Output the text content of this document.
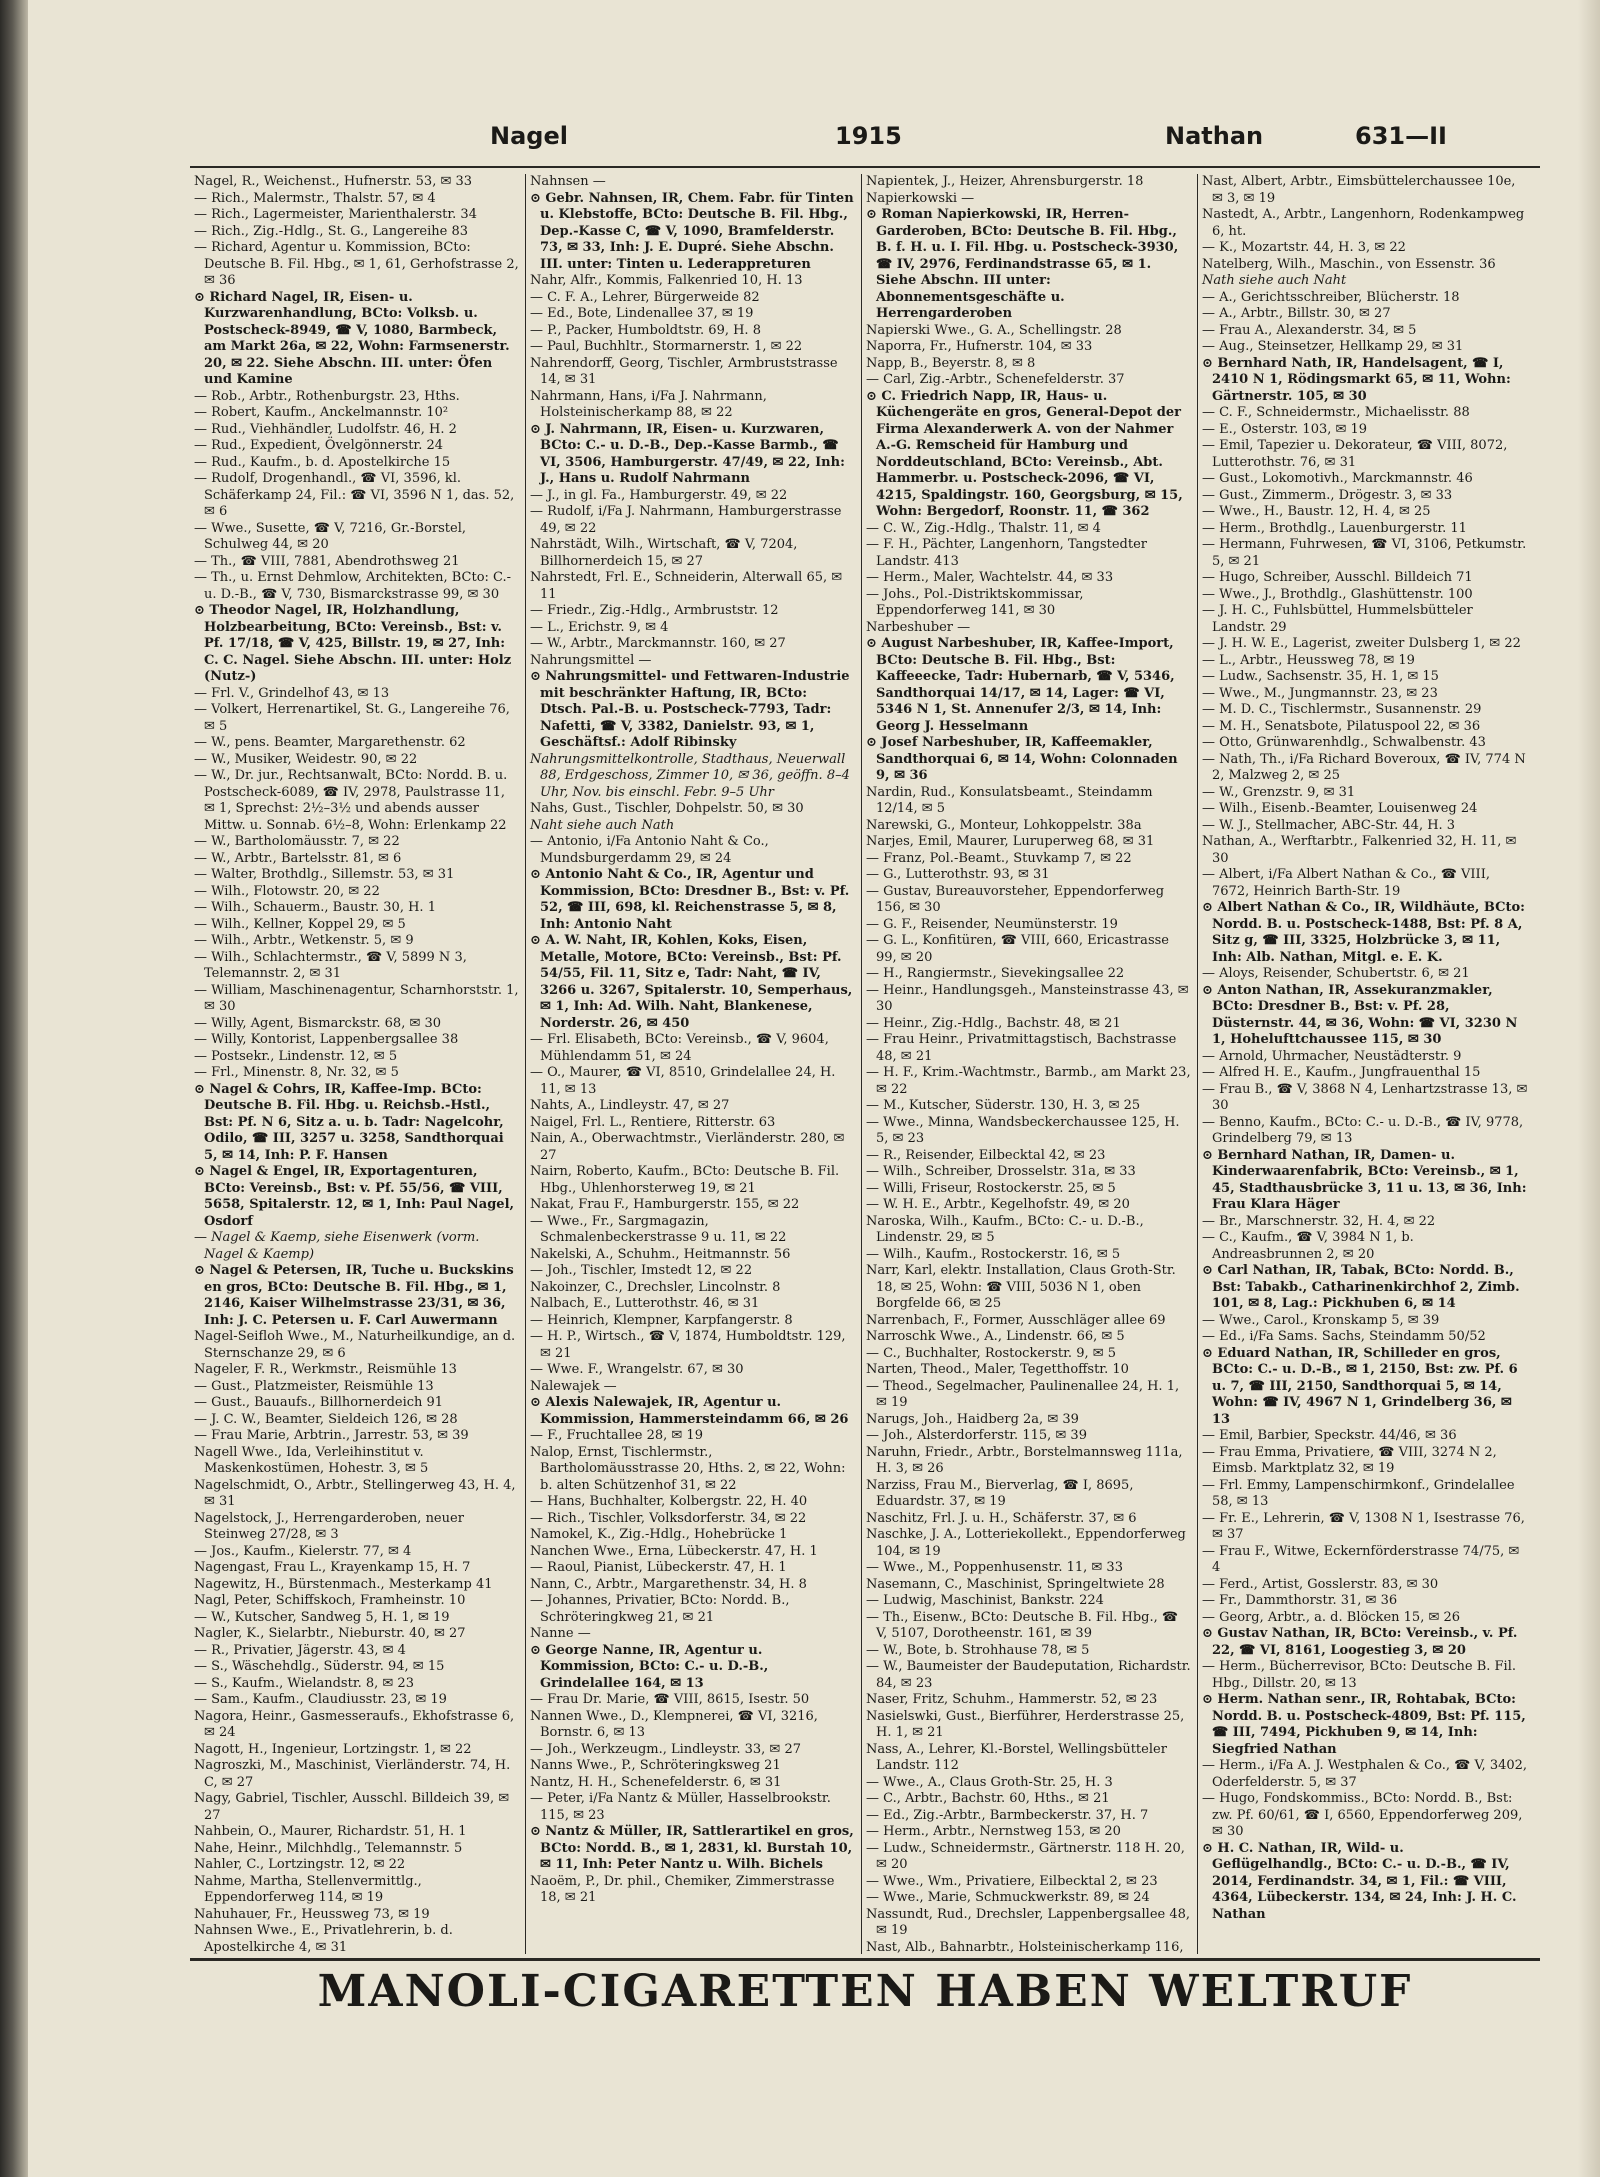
Nagel	1915	Nathan	631—II

Nagel, R., Weichenst., Hufnerstr. 53, ✉ 33

— Rich., Malermstr., Thalstr. 57, ✉ 4

— Rich., Lagermeister, Marienthalerstr. 34

— Rich., Zig.-Hdlg., St. G., Langereihe 83

— Richard, Agentur u. Kommission, BCto: Deutsche B. Fil. Hbg., ✉ 1, 61, Gerhofstrasse 2, ✉ 36

⊙ Richard Nagel, IR, Eisen- u. Kurzwarenhandlung, BCto: Volksb. u. Postscheck-8949, ☎ V, 1080, Barmbeck, am Markt 26a, ✉ 22, Wohn: Farmsenerstr. 20, ✉ 22. Siehe Abschn. III. unter: Öfen und Kamine

— Rob., Arbtr., Rothenburgstr. 23, Hths.

— Robert, Kaufm., Anckelmannstr. 10²

— Rud., Viehhändler, Ludolfstr. 46, H. 2

— Rud., Expedient, Övelgönnerstr. 24

— Rud., Kaufm., b. d. Apostelkirche 15

— Rudolf, Drogenhandl., ☎ VI, 3596, kl. Schäferkamp 24, Fil.: ☎ VI, 3596 N 1, das. 52, ✉ 6

— Wwe., Susette, ☎ V, 7216, Gr.-Borstel, Schulweg 44, ✉ 20

— Th., ☎ VIII, 7881, Abendrothsweg 21

— Th., u. Ernst Dehmlow, Architekten, BCto: C.- u. D.-B., ☎ V, 730, Bismarckstrasse 99, ✉ 30

⊙ Theodor Nagel, IR, Holzhandlung, Holzbearbeitung, BCto: Vereinsb., Bst: v. Pf. 17/18, ☎ V, 425, Billstr. 19, ✉ 27, Inh: C. C. Nagel. Siehe Abschn. III. unter: Holz (Nutz-)

— Frl. V., Grindelhof 43, ✉ 13

— Volkert, Herrenartikel, St. G., Langereihe 76, ✉ 5

— W., pens. Beamter, Margarethenstr. 62

— W., Musiker, Weidestr. 90, ✉ 22

— W., Dr. jur., Rechtsanwalt, BCto: Nordd. B. u. Postscheck-6089, ☎ IV, 2978, Paulstrasse 11, ✉ 1, Sprechst: 2½–3½ und abends ausser Mittw. u. Sonnab. 6½–8, Wohn: Erlenkamp 22

— W., Bartholomäusstr. 7, ✉ 22

— W., Arbtr., Bartelsstr. 81, ✉ 6

— Walter, Brothdlg., Sillemstr. 53, ✉ 31

— Wilh., Flotowstr. 20, ✉ 22

— Wilh., Schauerm., Baustr. 30, H. 1

— Wilh., Kellner, Koppel 29, ✉ 5

— Wilh., Arbtr., Wetkenstr. 5, ✉ 9

— Wilh., Schlachtermstr., ☎ V, 5899 N 3, Telemannstr. 2, ✉ 31

— William, Maschinenagentur, Scharnhorststr. 1, ✉ 30

— Willy, Agent, Bismarckstr. 68, ✉ 30

— Willy, Kontorist, Lappenbergsallee 38

— Postsekr., Lindenstr. 12, ✉ 5

— Frl., Minenstr. 8, Nr. 32, ✉ 5

⊙ Nagel & Cohrs, IR, Kaffee-Imp. BCto: Deutsche B. Fil. Hbg. u. Reichsb.-Hstl., Bst: Pf. N 6, Sitz a. u. b. Tadr: Nagelcohr, Odilo, ☎ III, 3257 u. 3258, Sandthorquai 5, ✉ 14, Inh: P. F. Hansen

⊙ Nagel & Engel, IR, Exportagenturen, BCto: Vereinsb., Bst: v. Pf. 55/56, ☎ VIII, 5658, Spitalerstr. 12, ✉ 1, Inh: Paul Nagel, Osdorf

— Nagel & Kaemp, siehe Eisenwerk (vorm. Nagel & Kaemp)

⊙ Nagel & Petersen, IR, Tuche u. Buckskins en gros, BCto: Deutsche B. Fil. Hbg., ✉ 1, 2146, Kaiser Wilhelmstrasse 23/31, ✉ 36, Inh: J. C. Petersen u. F. Carl Auwermann

Nagel-Seifloh Wwe., M., Naturheilkundige, an d. Sternschanze 29, ✉ 6

Nageler, F. R., Werkmstr., Reismühle 13

— Gust., Platzmeister, Reismühle 13

— Gust., Bauaufs., Billhornerdeich 91

— J. C. W., Beamter, Sieldeich 126, ✉ 28

— Frau Marie, Arbtrin., Jarrestr. 53, ✉ 39

Nagell Wwe., Ida, Verleihinstitut v. Maskenkostümen, Hohestr. 3, ✉ 5

Nagelschmidt, O., Arbtr., Stellingerweg 43, H. 4, ✉ 31

Nagelstock, J., Herrengarderoben, neuer Steinweg 27/28, ✉ 3

— Jos., Kaufm., Kielerstr. 77, ✉ 4

Nagengast, Frau L., Krayenkamp 15, H. 7

Nagewitz, H., Bürstenmach., Mesterkamp 41

Nagl, Peter, Schiffskoch, Framheinstr. 10

— W., Kutscher, Sandweg 5, H. 1, ✉ 19

Nagler, K., Sielarbtr., Nieburstr. 40, ✉ 27

— R., Privatier, Jägerstr. 43, ✉ 4

— S., Wäschehdlg., Süderstr. 94, ✉ 15

— S., Kaufm., Wielandstr. 8, ✉ 23

— Sam., Kaufm., Claudiusstr. 23, ✉ 19

Nagora, Heinr., Gasmesseraufs., Ekhofstrasse 6, ✉ 24

Nagott, H., Ingenieur, Lortzingstr. 1, ✉ 22

Nagroszki, M., Maschinist, Vierländerstr. 74, H. C, ✉ 27

Nagy, Gabriel, Tischler, Ausschl. Billdeich 39, ✉ 27

Nahbein, O., Maurer, Richardstr. 51, H. 1

Nahe, Heinr., Milchhdlg., Telemannstr. 5

Nahler, C., Lortzingstr. 12, ✉ 22

Nahme, Martha, Stellenvermittlg., Eppendorferweg 114, ✉ 19

Nahuhauer, Fr., Heussweg 73, ✉ 19

Nahnsen Wwe., E., Privatlehrerin, b. d. Apostelkirche 4, ✉ 31

Nahnsen —

⊙ Gebr. Nahnsen, IR, Chem. Fabr. für Tinten u. Klebstoffe, BCto: Deutsche B. Fil. Hbg., Dep.-Kasse C, ☎ V, 1090, Bramfelderstr. 73, ✉ 33, Inh: J. E. Dupré. Siehe Abschn. III. unter: Tinten u. Lederappreturen

Nahr, Alfr., Kommis, Falkenried 10, H. 13

— C. F. A., Lehrer, Bürgerweide 82

— Ed., Bote, Lindenallee 37, ✉ 19

— P., Packer, Humboldtstr. 69, H. 8

— Paul, Buchhltr., Stormarnerstr. 1, ✉ 22

Nahrendorff, Georg, Tischler, Armbruststrasse 14, ✉ 31

Nahrmann, Hans, i/Fa J. Nahrmann, Holsteinischerkamp 88, ✉ 22

⊙ J. Nahrmann, IR, Eisen- u. Kurzwaren, BCto: C.- u. D.-B., Dep.-Kasse Barmb., ☎ VI, 3506, Hamburgerstr. 47/49, ✉ 22, Inh: J., Hans u. Rudolf Nahrmann

— J., in gl. Fa., Hamburgerstr. 49, ✉ 22

— Rudolf, i/Fa J. Nahrmann, Hamburgerstrasse 49, ✉ 22

Nahrstädt, Wilh., Wirtschaft, ☎ V, 7204, Billhornerdeich 15, ✉ 27

Nahrstedt, Frl. E., Schneiderin, Alterwall 65, ✉ 11

— Friedr., Zig.-Hdlg., Armbruststr. 12

— L., Erichstr. 9, ✉ 4

— W., Arbtr., Marckmannstr. 160, ✉ 27

Nahrungsmittel —

⊙ Nahrungsmittel- und Fettwaren-Industrie mit beschränkter Haftung, IR, BCto: Dtsch. Pal.-B. u. Postscheck-7793, Tadr: Nafetti, ☎ V, 3382, Danielstr. 93, ✉ 1, Geschäftsf.: Adolf Ribinsky

Nahrungsmittelkontrolle, Stadthaus, Neuerwall 88, Erdgeschoss, Zimmer 10, ✉ 36, geöffn. 8–4 Uhr, Nov. bis einschl. Febr. 9–5 Uhr

Nahs, Gust., Tischler, Dohpelstr. 50, ✉ 30

Naht siehe auch Nath

— Antonio, i/Fa Antonio Naht & Co., Mundsburgerdamm 29, ✉ 24

⊙ Antonio Naht & Co., IR, Agentur und Kommission, BCto: Dresdner B., Bst: v. Pf. 52, ☎ III, 698, kl. Reichenstrasse 5, ✉ 8, Inh: Antonio Naht

⊙ A. W. Naht, IR, Kohlen, Koks, Eisen, Metalle, Motore, BCto: Vereinsb., Bst: Pf. 54/55, Fil. 11, Sitz e, Tadr: Naht, ☎ IV, 3266 u. 3267, Spitalerstr. 10, Semperhaus, ✉ 1, Inh: Ad. Wilh. Naht, Blankenese, Norderstr. 26, ✉ 450

— Frl. Elisabeth, BCto: Vereinsb., ☎ V, 9604, Mühlendamm 51, ✉ 24

— O., Maurer, ☎ VI, 8510, Grindelallee 24, H. 11, ✉ 13

Nahts, A., Lindleystr. 47, ✉ 27

Naigel, Frl. L., Rentiere, Ritterstr. 63

Nain, A., Oberwachtmstr., Vierländerstr. 280, ✉ 27

Nairn, Roberto, Kaufm., BCto: Deutsche B. Fil. Hbg., Uhlenhorsterweg 19, ✉ 21

Nakat, Frau F., Hamburgerstr. 155, ✉ 22

— Wwe., Fr., Sargmagazin, Schmalenbeckerstrasse 9 u. 11, ✉ 22

Nakelski, A., Schuhm., Heitmannstr. 56

— Joh., Tischler, Imstedt 12, ✉ 22

Nakoinzer, C., Drechsler, Lincolnstr. 8

Nalbach, E., Lutterothstr. 46, ✉ 31

— Heinrich, Klempner, Karpfangerstr. 8

— H. P., Wirtsch., ☎ V, 1874, Humboldtstr. 129, ✉ 21

— Wwe. F., Wrangelstr. 67, ✉ 30

Nalewajek —

⊙ Alexis Nalewajek, IR, Agentur u. Kommission, Hammersteindamm 66, ✉ 26

— F., Fruchtallee 28, ✉ 19

Nalop, Ernst, Tischlermstr., Bartholomäusstrasse 20, Hths. 2, ✉ 22, Wohn: b. alten Schützenhof 31, ✉ 22

— Hans, Buchhalter, Kolbergstr. 22, H. 40

— Rich., Tischler, Volksdorferstr. 34, ✉ 22

Namokel, K., Zig.-Hdlg., Hohebrücke 1

Nanchen Wwe., Erna, Lübeckerstr. 47, H. 1

— Raoul, Pianist, Lübeckerstr. 47, H. 1

Nann, C., Arbtr., Margarethenstr. 34, H. 8

— Johannes, Privatier, BCto: Nordd. B., Schröteringkweg 21, ✉ 21

Nanne —

⊙ George Nanne, IR, Agentur u. Kommission, BCto: C.- u. D.-B., Grindelallee 164, ✉ 13

— Frau Dr. Marie, ☎ VIII, 8615, Isestr. 50

Nannen Wwe., D., Klempnerei, ☎ VI, 3216, Bornstr. 6, ✉ 13

— Joh., Werkzeugm., Lindleystr. 33, ✉ 27

Nanns Wwe., P., Schröteringksweg 21

Nantz, H. H., Schenefelderstr. 6, ✉ 31

— Peter, i/Fa Nantz & Müller, Hasselbrookstr. 115, ✉ 23

⊙ Nantz & Müller, IR, Sattlerartikel en gros, BCto: Nordd. B., ✉ 1, 2831, kl. Burstah 10, ✉ 11, Inh: Peter Nantz u. Wilh. Bichels

Naoëm, P., Dr. phil., Chemiker, Zimmerstrasse 18, ✉ 21

Napientek, J., Heizer, Ahrensburgerstr. 18

Napierkowski —

⊙ Roman Napierkowski, IR, Herren-Garderoben, BCto: Deutsche B. Fil. Hbg., B. f. H. u. I. Fil. Hbg. u. Postscheck-3930, ☎ IV, 2976, Ferdinandstrasse 65, ✉ 1. Siehe Abschn. III unter: Abonnementsgeschäfte u. Herrengarderoben

Napierski Wwe., G. A., Schellingstr. 28

Naporra, Fr., Hufnerstr. 104, ✉ 33

Napp, B., Beyerstr. 8, ✉ 8

— Carl, Zig.-Arbtr., Schenefelderstr. 37

⊙ C. Friedrich Napp, IR, Haus- u. Küchengeräte en gros, General-Depot der Firma Alexanderwerk A. von der Nahmer A.-G. Remscheid für Hamburg und Norddeutschland, BCto: Vereinsb., Abt. Hammerbr. u. Postscheck-2096, ☎ VI, 4215, Spaldingstr. 160, Georgsburg, ✉ 15, Wohn: Bergedorf, Roonstr. 11, ☎ 362

— C. W., Zig.-Hdlg., Thalstr. 11, ✉ 4

— F. H., Pächter, Langenhorn, Tangstedter Landstr. 413

— Herm., Maler, Wachtelstr. 44, ✉ 33

— Johs., Pol.-Distriktskommissar, Eppendorferweg 141, ✉ 30

Narbeshuber —

⊙ August Narbeshuber, IR, Kaffee-Import, BCto: Deutsche B. Fil. Hbg., Bst: Kaffeeecke, Tadr: Hubernarb, ☎ V, 5346, Sandthorquai 14/17, ✉ 14, Lager: ☎ VI, 5346 N 1, St. Annenufer 2/3, ✉ 14, Inh: Georg J. Hesselmann

⊙ Josef Narbeshuber, IR, Kaffeemakler, Sandthorquai 6, ✉ 14, Wohn: Colonnaden 9, ✉ 36

Nardin, Rud., Konsulatsbeamt., Steindamm 12/14, ✉ 5

Narewski, G., Monteur, Lohkoppelstr. 38a

Narjes, Emil, Maurer, Luruperweg 68, ✉ 31

— Franz, Pol.-Beamt., Stuvkamp 7, ✉ 22

— G., Lutterothstr. 93, ✉ 31

— Gustav, Bureauvorsteher, Eppendorferweg 156, ✉ 30

— G. F., Reisender, Neumünsterstr. 19

— G. L., Konfitüren, ☎ VIII, 660, Ericastrasse 99, ✉ 20

— H., Rangiermstr., Sievekingsallee 22

— Heinr., Handlungsgeh., Mansteinstrasse 43, ✉ 30

— Heinr., Zig.-Hdlg., Bachstr. 48, ✉ 21

— Frau Heinr., Privatmittagstisch, Bachstrasse 48, ✉ 21

— H. F., Krim.-Wachtmstr., Barmb., am Markt 23, ✉ 22

— M., Kutscher, Süderstr. 130, H. 3, ✉ 25

— Wwe., Minna, Wandsbeckerchaussee 125, H. 5, ✉ 23

— R., Reisender, Eilbecktal 42, ✉ 23

— Wilh., Schreiber, Drosselstr. 31a, ✉ 33

— Willi, Friseur, Rostockerstr. 25, ✉ 5

— W. H. E., Arbtr., Kegelhofstr. 49, ✉ 20

Naroska, Wilh., Kaufm., BCto: C.- u. D.-B., Lindenstr. 29, ✉ 5

— Wilh., Kaufm., Rostockerstr. 16, ✉ 5

Narr, Karl, elektr. Installation, Claus Groth-Str. 18, ✉ 25, Wohn: ☎ VIII, 5036 N 1, oben Borgfelde 66, ✉ 25

Narrenbach, F., Former, Ausschläger allee 69

Narroschk Wwe., A., Lindenstr. 66, ✉ 5

— C., Buchhalter, Rostockerstr. 9, ✉ 5

Narten, Theod., Maler, Tegetthoffstr. 10

— Theod., Segelmacher, Paulinenallee 24, H. 1, ✉ 19

Narugs, Joh., Haidberg 2a, ✉ 39

— Joh., Alsterdorferstr. 115, ✉ 39

Naruhn, Friedr., Arbtr., Borstelmannsweg 111a, H. 3, ✉ 26

Narziss, Frau M., Bierverlag, ☎ I, 8695, Eduardstr. 37, ✉ 19

Naschitz, Frl. J. u. H., Schäferstr. 37, ✉ 6

Naschke, J. A., Lotteriekollekt., Eppendorferweg 104, ✉ 19

— Wwe., M., Poppenhusenstr. 11, ✉ 33

Nasemann, C., Maschinist, Springeltwiete 28

— Ludwig, Maschinist, Bankstr. 224

— Th., Eisenw., BCto: Deutsche B. Fil. Hbg., ☎ V, 5107, Dorotheenstr. 161, ✉ 39

— W., Bote, b. Strohhause 78, ✉ 5

— W., Baumeister der Baudeputation, Richardstr. 84, ✉ 23

Naser, Fritz, Schuhm., Hammerstr. 52, ✉ 23

Nasielswki, Gust., Bierführer, Herderstrasse 25, H. 1, ✉ 21

Nass, A., Lehrer, Kl.-Borstel, Wellingsbütteler Landstr. 112

— Wwe., A., Claus Groth-Str. 25, H. 3

— C., Arbtr., Bachstr. 60, Hths., ✉ 21

— Ed., Zig.-Arbtr., Barmbeckerstr. 37, H. 7

— Herm., Arbtr., Nernstweg 153, ✉ 20

— Ludw., Schneidermstr., Gärtnerstr. 118 H. 20, ✉ 20

— Wwe., Wm., Privatiere, Eilbecktal 2, ✉ 23

— Wwe., Marie, Schmuckwerkstr. 89, ✉ 24

Nassundt, Rud., Drechsler, Lappenbergsallee 48, ✉ 19

Nast, Alb., Bahnarbtr., Holsteinischerkamp 116,

Nast, Albert, Arbtr., Eimsbüttelerchaussee 10e, ✉ 3, ✉ 19

Nastedt, A., Arbtr., Langenhorn, Rodenkampweg 6, ht.

— K., Mozartstr. 44, H. 3, ✉ 22

Natelberg, Wilh., Maschin., von Essenstr. 36

Nath siehe auch Naht

— A., Gerichtsschreiber, Blücherstr. 18

— A., Arbtr., Billstr. 30, ✉ 27

— Frau A., Alexanderstr. 34, ✉ 5

— Aug., Steinsetzer, Hellkamp 29, ✉ 31

⊙ Bernhard Nath, IR, Handelsagent, ☎ I, 2410 N 1, Rödingsmarkt 65, ✉ 11, Wohn: Gärtnerstr. 105, ✉ 30

— C. F., Schneidermstr., Michaelisstr. 88

— E., Osterstr. 103, ✉ 19

— Emil, Tapezier u. Dekorateur, ☎ VIII, 8072, Lutterothstr. 76, ✉ 31

— Gust., Lokomotivh., Marckmannstr. 46

— Gust., Zimmerm., Drögestr. 3, ✉ 33

— Wwe., H., Baustr. 12, H. 4, ✉ 25

— Herm., Brothdlg., Lauenburgerstr. 11

— Hermann, Fuhrwesen, ☎ VI, 3106, Petkumstr. 5, ✉ 21

— Hugo, Schreiber, Ausschl. Billdeich 71

— Wwe., J., Brothdlg., Glashüttenstr. 100

— J. H. C., Fuhlsbüttel, Hummelsbütteler Landstr. 29

— J. H. W. E., Lagerist, zweiter Dulsberg 1, ✉ 22

— L., Arbtr., Heussweg 78, ✉ 19

— Ludw., Sachsenstr. 35, H. 1, ✉ 15

— Wwe., M., Jungmannstr. 23, ✉ 23

— M. D. C., Tischlermstr., Susannenstr. 29

— M. H., Senatsbote, Pilatuspool 22, ✉ 36

— Otto, Grünwarenhdlg., Schwalbenstr. 43

— Nath, Th., i/Fa Richard Boveroux, ☎ IV, 774 N 2, Malzweg 2, ✉ 25

— W., Grenzstr. 9, ✉ 31

— Wilh., Eisenb.-Beamter, Louisenweg 24

— W. J., Stellmacher, ABC-Str. 44, H. 3

Nathan, A., Werftarbtr., Falkenried 32, H. 11, ✉ 30

— Albert, i/Fa Albert Nathan & Co., ☎ VIII, 7672, Heinrich Barth-Str. 19

⊙ Albert Nathan & Co., IR, Wildhäute, BCto: Nordd. B. u. Postscheck-1488, Bst: Pf. 8 A, Sitz g, ☎ III, 3325, Holzbrücke 3, ✉ 11, Inh: Alb. Nathan, Mitgl. e. E. K.

— Aloys, Reisender, Schubertstr. 6, ✉ 21

⊙ Anton Nathan, IR, Assekuranzmakler, BCto: Dresdner B., Bst: v. Pf. 28, Düsternstr. 44, ✉ 36, Wohn: ☎ VI, 3230 N 1, Hohelufttchaussee 115, ✉ 30

— Arnold, Uhrmacher, Neustädterstr. 9

— Alfred H. E., Kaufm., Jungfrauenthal 15

— Frau B., ☎ V, 3868 N 4, Lenhartzstrasse 13, ✉ 30

— Benno, Kaufm., BCto: C.- u. D.-B., ☎ IV, 9778, Grindelberg 79, ✉ 13

⊙ Bernhard Nathan, IR, Damen- u. Kinderwaarenfabrik, BCto: Vereinsb., ✉ 1, 45, Stadthausbrücke 3, 11 u. 13, ✉ 36, Inh: Frau Klara Häger

— Br., Marschnerstr. 32, H. 4, ✉ 22

— C., Kaufm., ☎ V, 3984 N 1, b. Andreasbrunnen 2, ✉ 20

⊙ Carl Nathan, IR, Tabak, BCto: Nordd. B., Bst: Tabakb., Catharinenkirchhof 2, Zimb. 101, ✉ 8, Lag.: Pickhuben 6, ✉ 14

— Wwe., Carol., Kronskamp 5, ✉ 39

— Ed., i/Fa Sams. Sachs, Steindamm 50/52

⊙ Eduard Nathan, IR, Schilleder en gros, BCto: C.- u. D.-B., ✉ 1, 2150, Bst: zw. Pf. 6 u. 7, ☎ III, 2150, Sandthorquai 5, ✉ 14, Wohn: ☎ IV, 4967 N 1, Grindelberg 36, ✉ 13

— Emil, Barbier, Speckstr. 44/46, ✉ 36

— Frau Emma, Privatiere, ☎ VIII, 3274 N 2, Eimsb. Marktplatz 32, ✉ 19

— Frl. Emmy, Lampenschirmkonf., Grindelallee 58, ✉ 13

— Fr. E., Lehrerin, ☎ V, 1308 N 1, Isestrasse 76, ✉ 37

— Frau F., Witwe, Eckernförderstrasse 74/75, ✉ 4

— Ferd., Artist, Gosslerstr. 83, ✉ 30

— Fr., Dammthorstr. 31, ✉ 36

— Georg, Arbtr., a. d. Blöcken 15, ✉ 26

⊙ Gustav Nathan, IR, BCto: Vereinsb., v. Pf. 22, ☎ VI, 8161, Loogestieg 3, ✉ 20

— Herm., Bücherrevisor, BCto: Deutsche B. Fil. Hbg., Dillstr. 20, ✉ 13

⊙ Herm. Nathan senr., IR, Rohtabak, BCto: Nordd. B. u. Postscheck-4809, Bst: Pf. 115, ☎ III, 7494, Pickhuben 9, ✉ 14, Inh: Siegfried Nathan

— Herm., i/Fa A. J. Westphalen & Co., ☎ V, 3402, Oderfelderstr. 5, ✉ 37

— Hugo, Fondskommiss., BCto: Nordd. B., Bst: zw. Pf. 60/61, ☎ I, 6560, Eppendorferweg 209, ✉ 30

⊙ H. C. Nathan, IR, Wild- u. Geflügelhandlg., BCto: C.- u. D.-B., ☎ IV, 2014, Ferdinandstr. 34, ✉ 1, Fil.: ☎ VIII, 4364, Lübeckerstr. 134, ✉ 24, Inh: J. H. C. Nathan

MANOLI-CIGARETTEN HABEN WELTRUF
